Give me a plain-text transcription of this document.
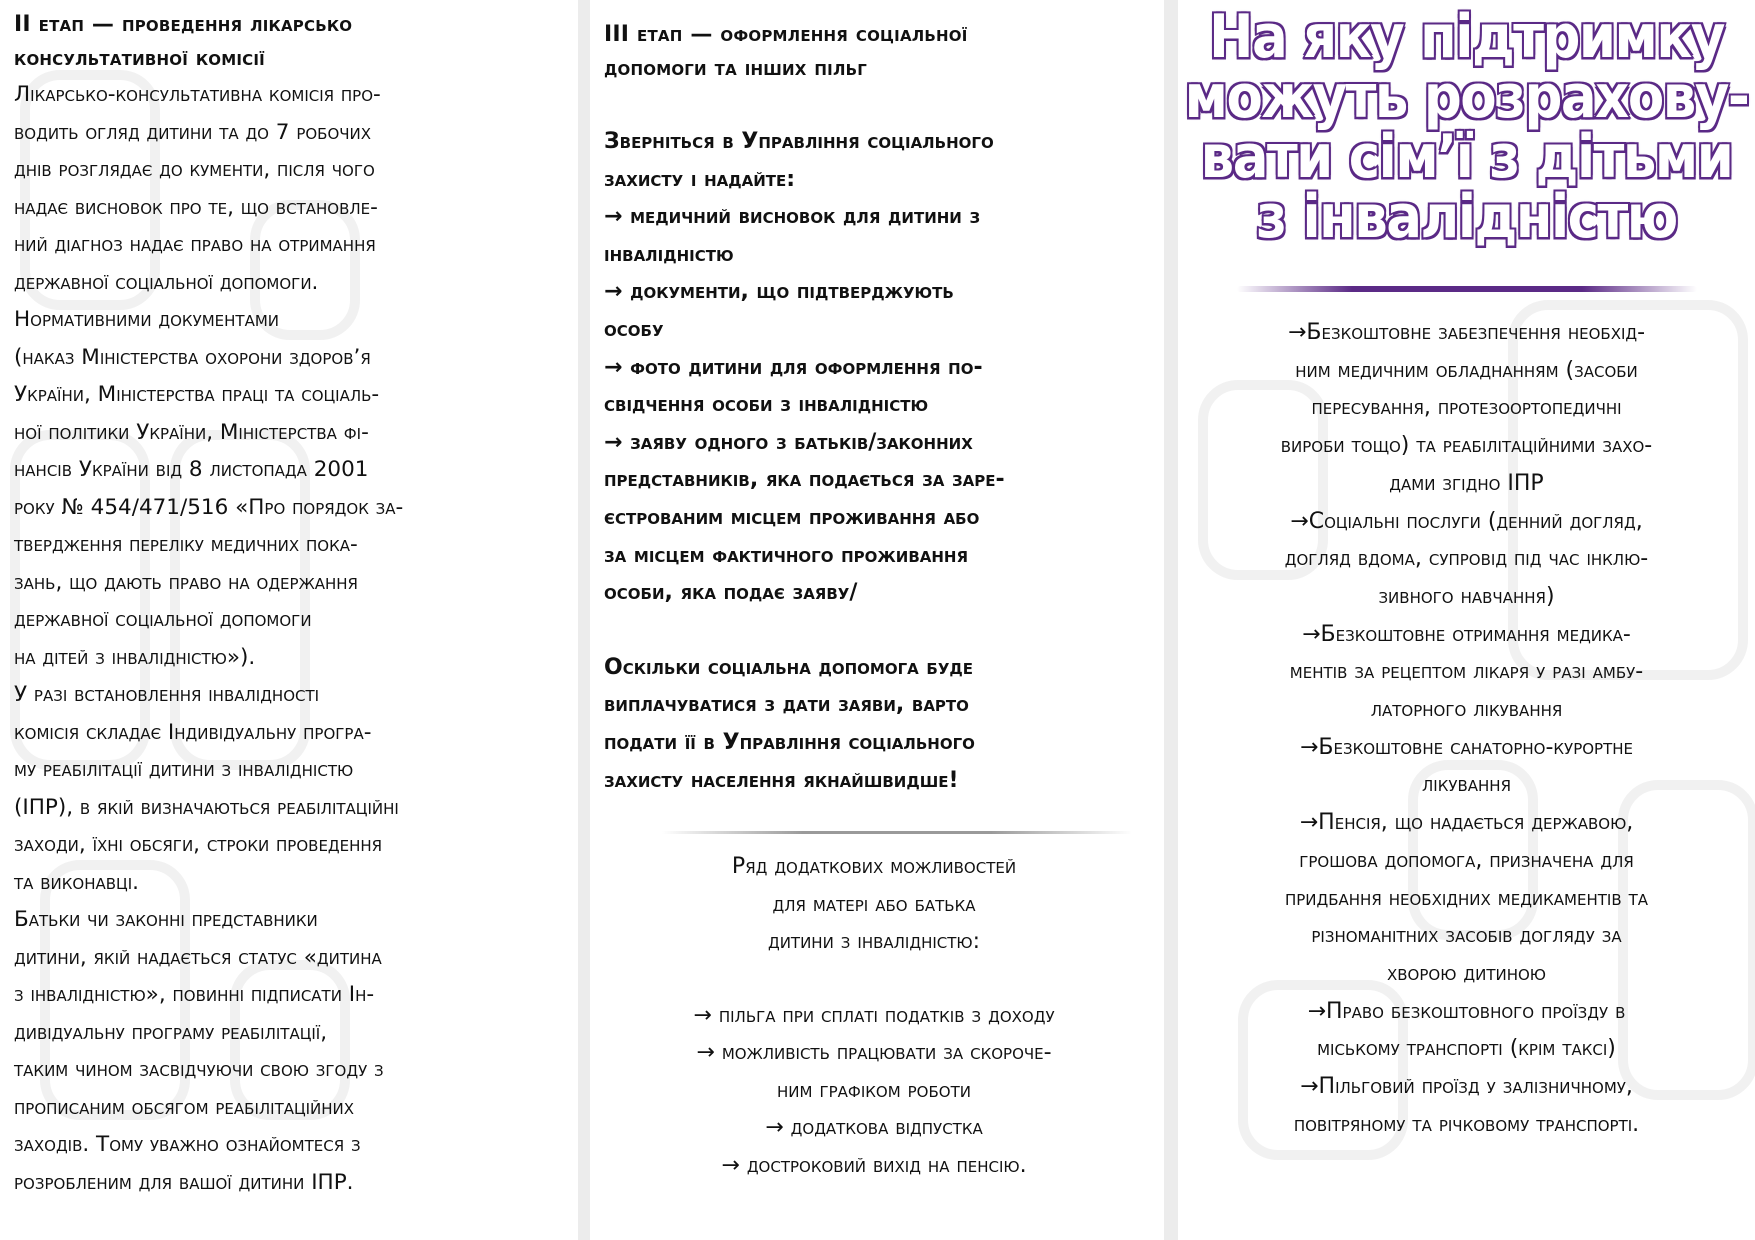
ІІ етап — проведення лікарсько

консультативної комісії

Лікарсько-консультативна комісія про-

водить огляд дитини та до 7 робочих

днів розглядає до кументи, після чого

надає висновок про те, що встановле-

ний діагноз надає право на отримання

державної соціальної допомоги.

Нормативними документами

(наказ Міністерства охорони здоров’я

України, Міністерства праці та соціаль-

ної політики України, Міністерства фі-

нансів України від 8 листопада 2001

року № 454/471/516 «Про порядок за-

твердження переліку медичних пока-

зань, що дають право на одержання

державної соціальної допомоги

на дітей з інвалідністю»).

У разі встановлення інвалідності

комісія складає Індивідуальну програ-

му реабілітації дитини з інвалідністю

(ІПР), в якій визначаються реабілітаційні

заходи, їхні обсяги, строки проведення

та виконавці.

Батьки чи законні представники

дитини, якій надається статус «дитина

з інвалідністю», повинні підписати Ін-

дивідуальну програму реабілітації,

таким чином засвідчуючи свою згоду з

прописаним обсягом реабілітаційних

заходів. Тому уважно ознайомтеся з

розробленим для вашої дитини ІПР.

ІІІ етап — оформлення соціальної

допомоги та інших пільг

Зверніться в Управління соціального

захисту і надайте:

→ медичний висновок для дитини з

інвалідністю

→ документи, що підтверджують

особу

→ фото дитини для оформлення по-

свідчення особи з інвалідністю

→ заяву одного з батьків/законних

представників, яка подається за заре-

єстрованим місцем проживання або

за місцем фактичного проживання

особи, яка подає заяву/

Оскільки соціальна допомога буде

виплачуватися з дати заяви, варто

подати її в Управління соціального

захисту населення якнайшвидше!

Ряд додаткових можливостей

для матері або батька

дитини з інвалідністю:

→ пільга при сплаті податків з доходу

→ можливість працювати за скороче-

ним графіком роботи

→ додаткова відпустка

→ достроковий вихід на пенсію.

На яку підтримку
можуть розрахову-
вати сім’ї з дітьми
з інвалідністю

→Безкоштовне забезпечення необхід-

ним медичним обладнанням (засоби

пересування, протезоортопедичні

вироби тощо) та реабілітаційними захо-

дами згідно ІПР

→Соціальні послуги (денний догляд,

догляд вдома, супровід під час інклю-

зивного навчання)

→Безкоштовне отримання медика-

ментів за рецептом лікаря у разі амбу-

латорного лікування

→Безкоштовне санаторно-курортне

лікування

→Пенсія, що надається державою,

грошова допомога, призначена для

придбання необхідних медикаментів та

різноманітних засобів догляду за

хворою дитиною

→Право безкоштовного проїзду в

міському транспорті (крім таксі)

→Пільговий проїзд у залізничному,

повітряному та річковому транспорті.
